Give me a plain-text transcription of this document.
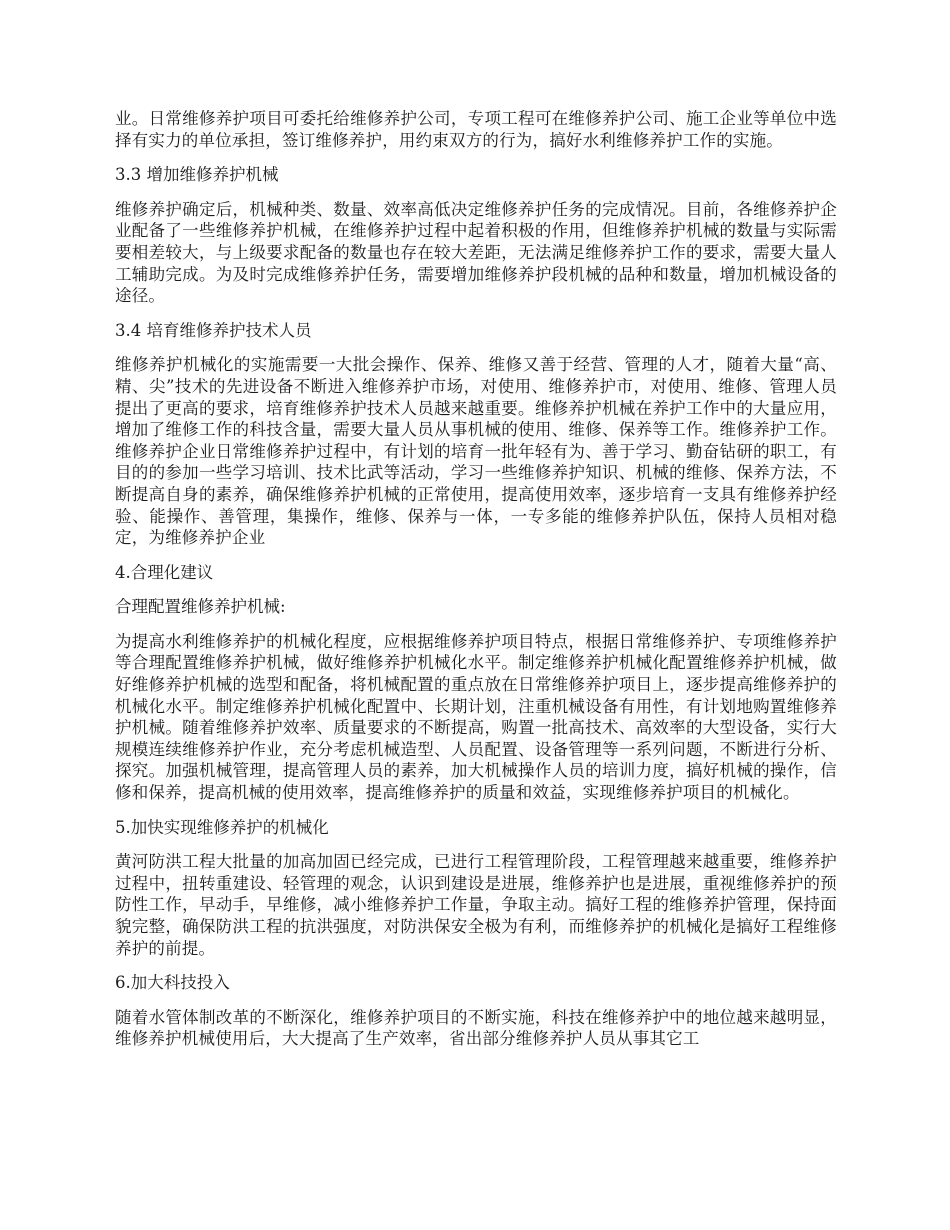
业。日常维修养护项目可委托给维修养护公司，专项工程可在维修养护公司、施工企业等单位中选择有实力的单位承担，签订维修养护，用约束双方的行为，搞好水利维修养护工作的实施。

3.3 增加维修养护机械

维修养护确定后，机械种类、数量、效率高低决定维修养护任务的完成情况。目前，各维修养护企业配备了一些维修养护机械，在维修养护过程中起着积极的作用，但维修养护机械的数量与实际需要相差较大，与上级要求配备的数量也存在较大差距，无法满足维修养护工作的要求，需要大量人工辅助完成。为及时完成维修养护任务，需要增加维修养护段机械的品种和数量，增加机械设备的途径。

3.4 培育维修养护技术人员

维修养护机械化的实施需要一大批会操作、保养、维修又善于经营、管理的人才，随着大量“高、精、尖”技术的先进设备不断进入维修养护市场，对使用、维修养护市，对使用、维修、管理人员提出了更高的要求，培育维修养护技术人员越来越重要。维修养护机械在养护工作中的大量应用，增加了维修工作的科技含量，需要大量人员从事机械的使用、维修、保养等工作。维修养护工作。维修养护企业日常维修养护过程中，有计划的培育一批年轻有为、善于学习、勤奋钻研的职工，有目的的参加一些学习培训、技术比武等活动，学习一些维修养护知识、机械的维修、保养方法，不断提高自身的素养，确保维修养护机械的正常使用，提高使用效率，逐步培育一支具有维修养护经验、能操作、善管理，集操作，维修、保养与一体，一专多能的维修养护队伍，保持人员相对稳定，为维修养护企业

4.合理化建议

合理配置维修养护机械:

为提高水利维修养护的机械化程度，应根据维修养护项目特点，根据日常维修养护、专项维修养护等合理配置维修养护机械，做好维修养护机械化水平。制定维修养护机械化配置维修养护机械，做好维修养护机械的选型和配备，将机械配置的重点放在日常维修养护项目上，逐步提高维修养护的机械化水平。制定维修养护机械化配置中、长期计划，注重机械设备有用性，有计划地购置维修养护机械。随着维修养护效率、质量要求的不断提高，购置一批高技术、高效率的大型设备，实行大规模连续维修养护作业，充分考虑机械造型、人员配置、设备管理等一系列问题，不断进行分析、探究。加强机械管理，提高管理人员的素养，加大机械操作人员的培训力度，搞好机械的操作，信修和保养，提高机械的使用效率，提高维修养护的质量和效益，实现维修养护项目的机械化。

5.加快实现维修养护的机械化

黄河防洪工程大批量的加高加固已经完成，已进行工程管理阶段，工程管理越来越重要，维修养护过程中，扭转重建设、轻管理的观念，认识到建设是进展，维修养护也是进展，重视维修养护的预防性工作，早动手，早维修，减小维修养护工作量，争取主动。搞好工程的维修养护管理，保持面貌完整，确保防洪工程的抗洪强度，对防洪保安全极为有利，而维修养护的机械化是搞好工程维修养护的前提。

6.加大科技投入

随着水管体制改革的不断深化，维修养护项目的不断实施，科技在维修养护中的地位越来越明显，维修养护机械使用后，大大提高了生产效率，省出部分维修养护人员从事其它工
